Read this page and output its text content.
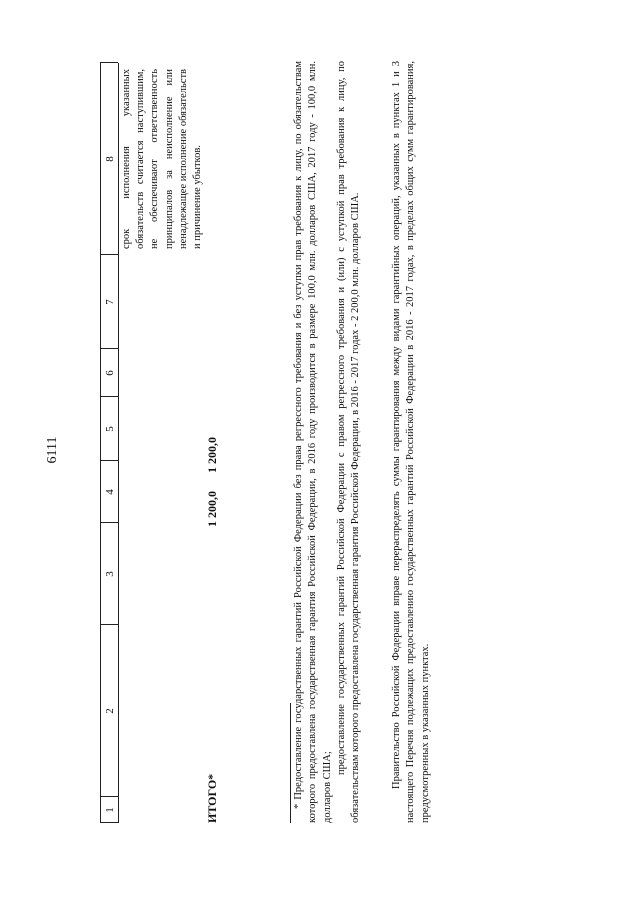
6111
1
2
3
4
5
6
7
8 срок исполнения указанных обязательств считается наступившим, не обеспечивают ответственность принципалов за неисполнение или ненадлежащее исполнение обязательств и причинение убытков.
ИТОГО*
1 200,0
1 200,0	* Предоставление государственных гарантий Российской Федерации без права регрессного требования и без уступки прав требования к лицу, по обязательствам которого предоставлена государственная гарантия Российской Федерации, в 2016 году производится в размере 100,0 млн. долларов США, 2017 году - 100,0 млн. долларов США;
предоставление государственных гарантий Российской Федерации с правом регрессного требования и (или) с уступкой прав требования к лицу, по обязательствам которого предоставлена государственная гарантия Российской Федерации, в 2016 - 2017 годах - 2 200,0 млн. долларов США.	Правительство Российской Федерации вправе перераспределять суммы гарантирования между видами гарантийных операций, указанных в пунктах 1 и 3 настоящего Перечня подлежащих предоставлению государственных гарантий Российской Федерации в 2016 - 2017 годах, в пределах общих сумм гарантирования, предусмотренных в указанных пунктах.
